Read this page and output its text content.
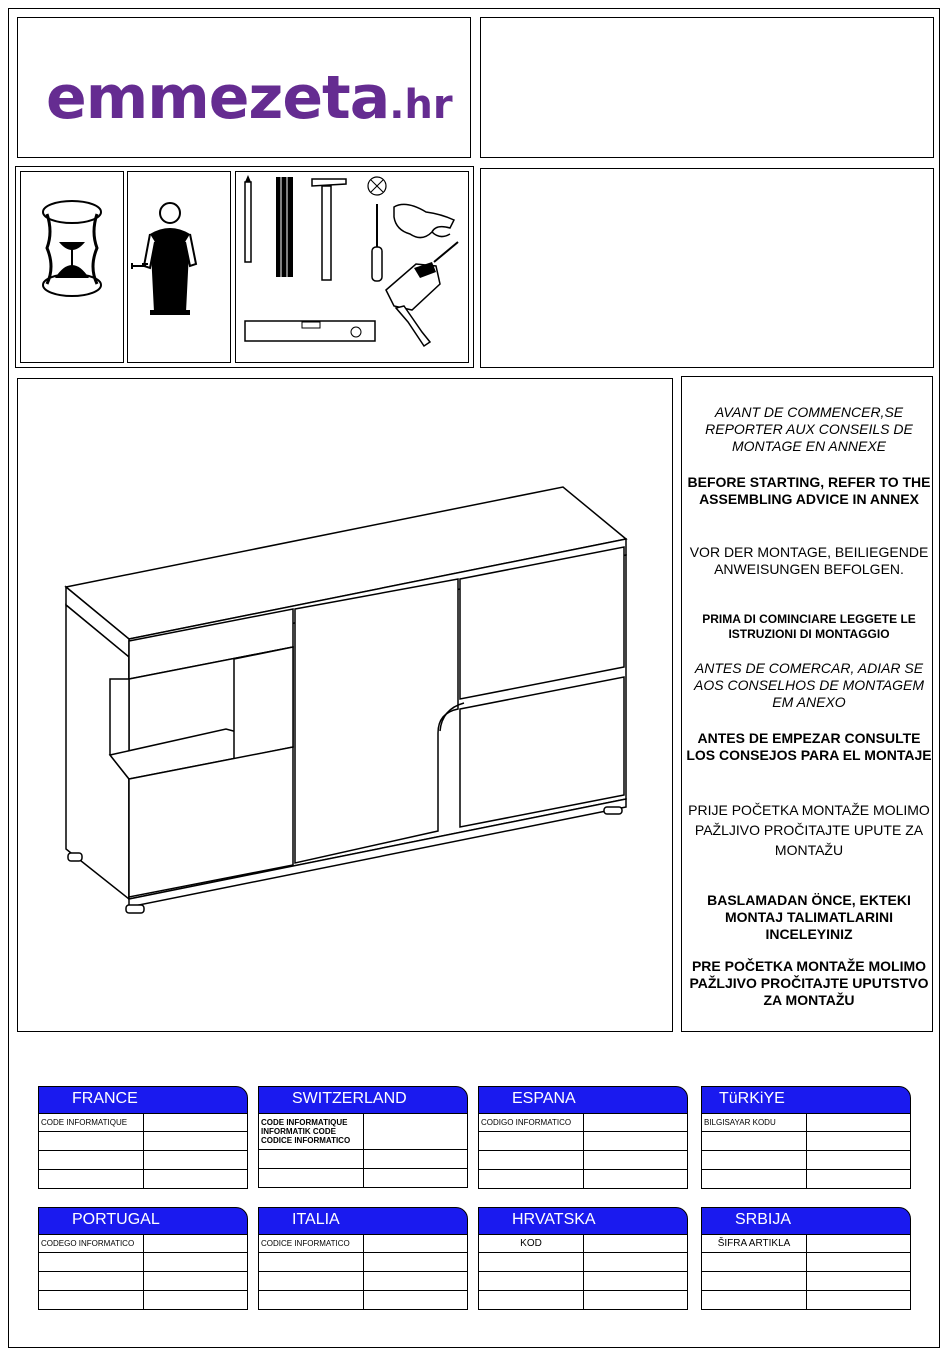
emmezeta.hr

AVANT DE COMMENCER,SE REPORTER AUX CONSEILS DE MONTAGE EN ANNEXE

BEFORE STARTING, REFER TO THE ASSEMBLING ADVICE IN ANNEX

VOR DER MONTAGE, BEILIEGENDE ANWEISUNGEN BEFOLGEN.

PRIMA DI COMINCIARE LEGGETE LE ISTRUZIONI DI MONTAGGIO

ANTES DE COMERCAR, ADIAR SE AOS CONSELHOS DE MONTAGEM EM ANEXO

ANTES DE EMPEZAR CONSULTE LOS CONSEJOS PARA EL MONTAJE

PRIJE POČETKA MONTAŽE MOLIMO PAŽLJIVO PROČITAJTE UPUTE ZA MONTAŽU

BASLAMADAN ÖNCE, EKTEKI MONTAJ TALIMATLARINI INCELEYINIZ

PRE POČETKA MONTAŽE MOLIMO PAŽLJIVO PROČITAJTE UPUTSTVO ZA MONTAŽU

FRANCE
CODE INFORMATIQUE	

SWITZERLAND
CODE INFORMATIQUE
INFORMATIK CODE
CODICE INFORMATICO	

ESPANA
CODIGO INFORMATICO	

TüRKiYE
BILGISAYAR KODU	

PORTUGAL
CODEGO INFORMATICO	

ITALIA
CODICE INFORMATICO	

HRVATSKA
KOD	

SRBIJA
ŠIFRA ARTIKLA	
